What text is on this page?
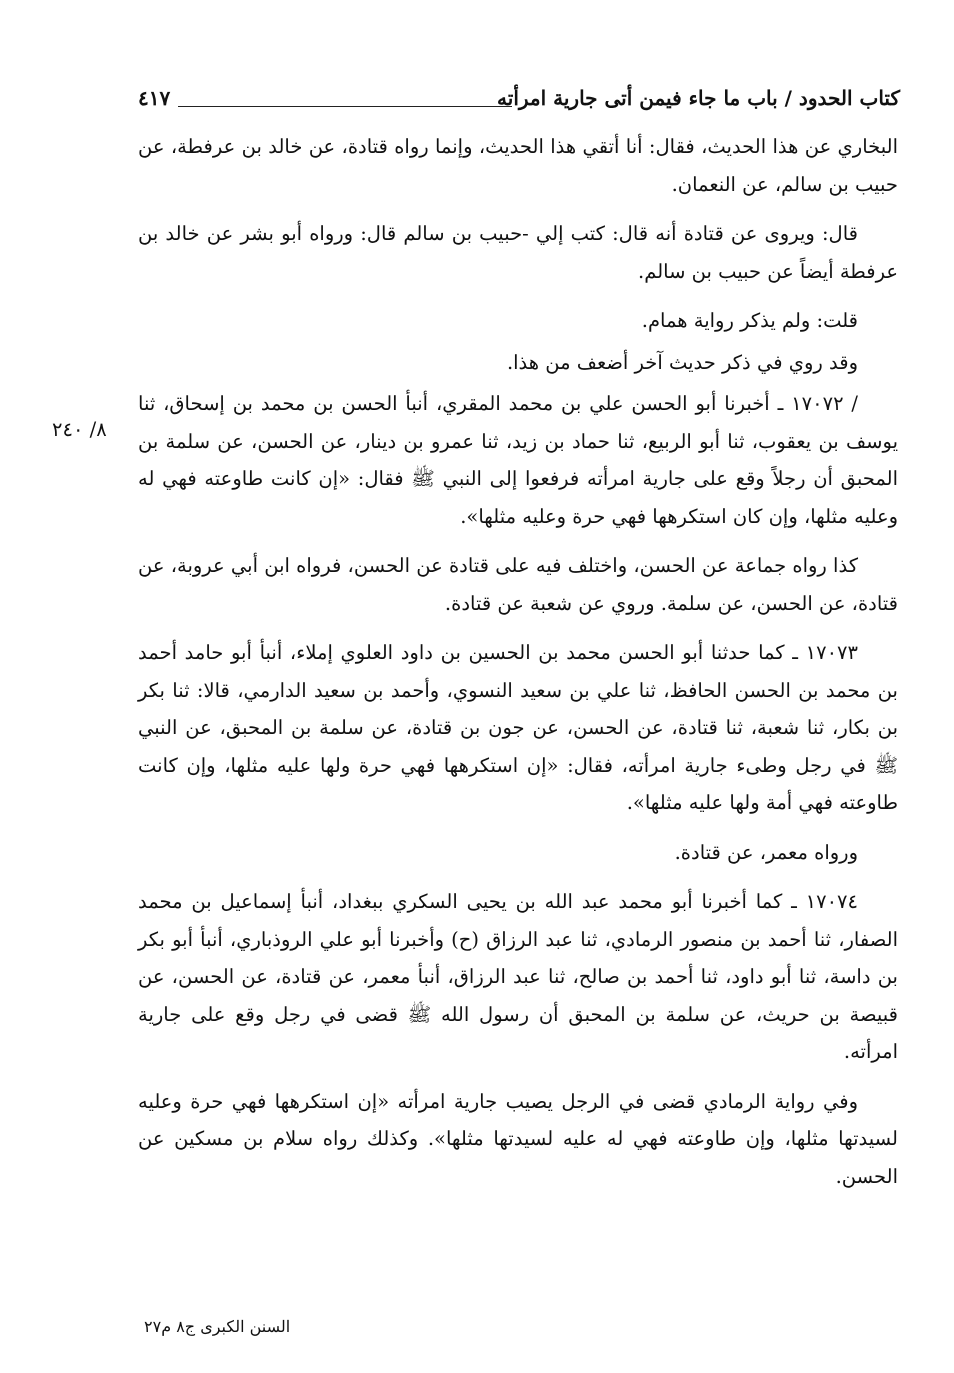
كتاب الحدود / باب ما جاء فيمن أتى جارية امرأته
٤١٧
٨/ ٢٤٠

البخاري عن هذا الحديث، فقال: أنا أتقي هذا الحديث، وإنما رواه قتادة، عن خالد بن عرفطة، عن حبيب بن سالم، عن النعمان.

قال: ويروى عن قتادة أنه قال: كتب إلي -حبيب بن سالم قال: ورواه أبو بشر عن خالد بن عرفطة أيضاً عن حبيب بن سالم.

قلت: ولم يذكر رواية همام.

وقد روي في ذكر حديث آخر أضعف من هذا.

/ ١٧٠٧٢ ـ أخبرنا أبو الحسن علي بن محمد المقري، أنبأ الحسن بن محمد بن إسحاق، ثنا يوسف بن يعقوب، ثنا أبو الربيع، ثنا حماد بن زيد، ثنا عمرو بن دينار، عن الحسن، عن سلمة بن المحبق أن رجلاً وقع على جارية امرأته فرفعوا إلى النبي ﷺ فقال: «إن كانت طاوعته فهي له وعليه مثلها، وإن كان استكرهها فهي حرة وعليه مثلها».

كذا رواه جماعة عن الحسن، واختلف فيه على قتادة عن الحسن، فرواه ابن أبي عروبة، عن قتادة، عن الحسن، عن سلمة. وروي عن شعبة عن قتادة.

١٧٠٧٣ ـ كما حدثنا أبو الحسن محمد بن الحسين بن داود العلوي إملاء، أنبأ أبو حامد أحمد بن محمد بن الحسن الحافظ، ثنا علي بن سعيد النسوي، وأحمد بن سعيد الدارمي، قالا: ثنا بكر بن بكار، ثنا شعبة، ثنا قتادة، عن الحسن، عن جون بن قتادة، عن سلمة بن المحبق، عن النبي ﷺ في رجل وطىء جارية امرأته، فقال: «إن استكرهها فهي حرة ولها عليه مثلها، وإن كانت طاوعته فهي أمة ولها عليه مثلها».

ورواه معمر، عن قتادة.

١٧٠٧٤ ـ كما أخبرنا أبو محمد عبد الله بن يحيى السكري ببغداد، أنبأ إسماعيل بن محمد الصفار، ثنا أحمد بن منصور الرمادي، ثنا عبد الرزاق (ح) وأخبرنا أبو علي الروذباري، أنبأ أبو بكر بن داسة، ثنا أبو داود، ثنا أحمد بن صالح، ثنا عبد الرزاق، أنبأ معمر، عن قتادة، عن الحسن، عن قبيصة بن حريث، عن سلمة بن المحبق أن رسول الله ﷺ قضى في رجل وقع على جارية امرأته.

وفي رواية الرمادي قضى في الرجل يصيب جارية امرأته «إن استكرهها فهي حرة وعليه لسيدتها مثلها، وإن طاوعته فهي له عليه لسيدتها مثلها». وكذلك رواه سلام بن مسكين عن الحسن.

السنن الكبرى ج٨ م٢٧
